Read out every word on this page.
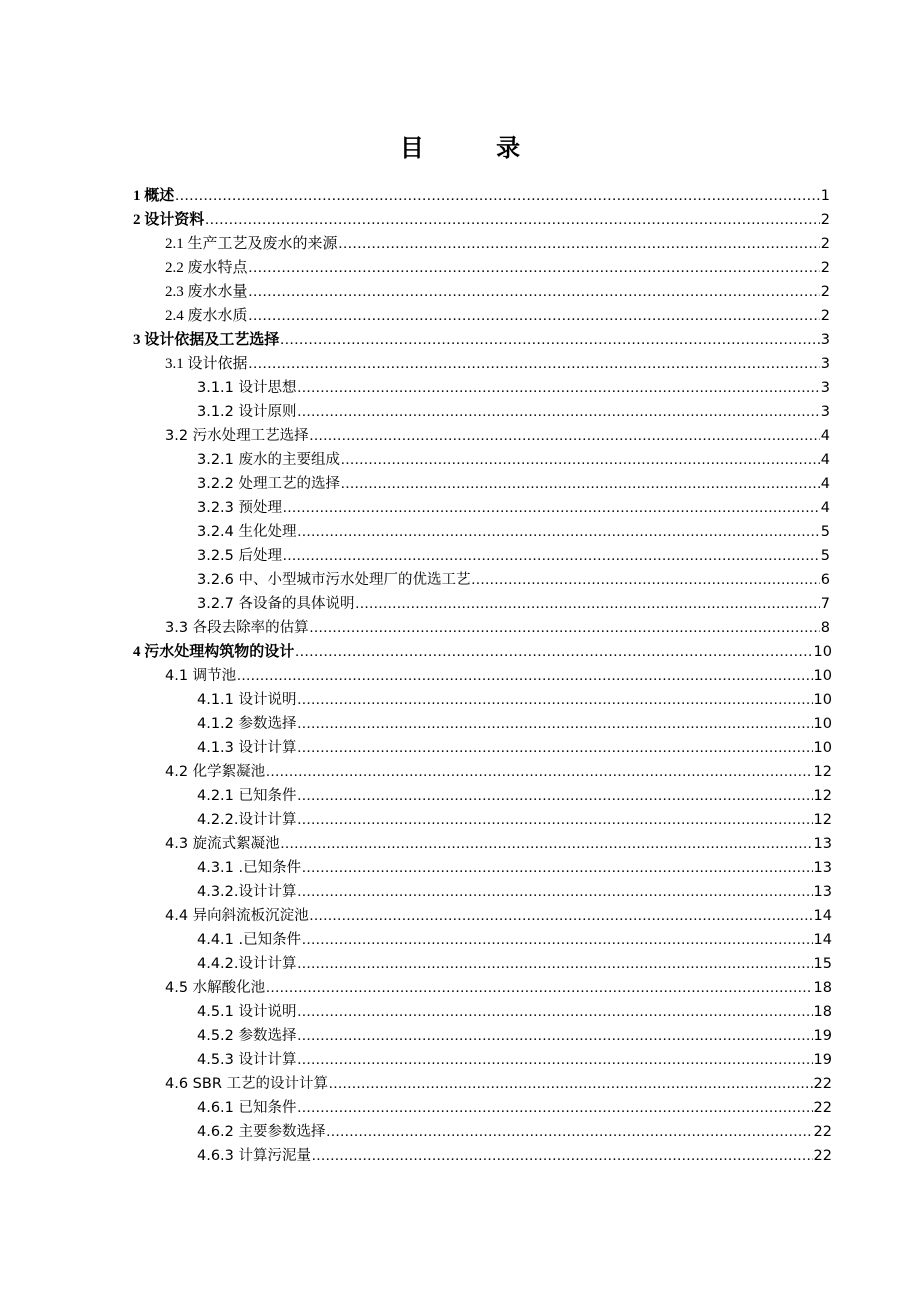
目 录
1 概述 .....	1
2 设计资料 .....	2
2.1 生产工艺及废水的来源 .....	2
2.2 废水特点 .....	2
2.3 废水水量 .....	2
2.4 废水水质 .....	2
3 设计依据及工艺选择 .....	3
3.1 设计依据 .....	3
3.1.1 设计思想 .....	3
3.1.2 设计原则 .....	3
3.2 污水处理工艺选择 .....	4
3.2.1 废水的主要组成 .....	4
3.2.2 处理工艺的选择 .....	4
3.2.3 预处理 .....	4
3.2.4 生化处理 .....	5
3.2.5 后处理 .....	5
3.2.6 中、小型城市污水处理厂的优选工艺 .....	6
3.2.7 各设备的具体说明 .....	7
3.3 各段去除率的估算 .....	8
4 污水处理构筑物的设计 .....	10
4.1 调节池 .....	10
4.1.1 设计说明 .....	10
4.1.2 参数选择 .....	10
4.1.3 设计计算 .....	10
4.2 化学絮凝池 .....	12
4.2.1 已知条件 .....	12
4.2.2.设计计算 .....	12
4.3 旋流式絮凝池 .....	13
4.3.1 .已知条件 .....	13
4.3.2.设计计算 .....	13
4.4 异向斜流板沉淀池 .....	14
4.4.1 .已知条件 .....	14
4.4.2.设计计算 .....	15
4.5 水解酸化池 .....	18
4.5.1 设计说明 .....	18
4.5.2 参数选择 .....	19
4.5.3 设计计算 .....	19
4.6 SBR 工艺的设计计算 .....	22
4.6.1 已知条件 .....	22
4.6.2 主要参数选择 .....	22
4.6.3 计算污泥量 .....	22
